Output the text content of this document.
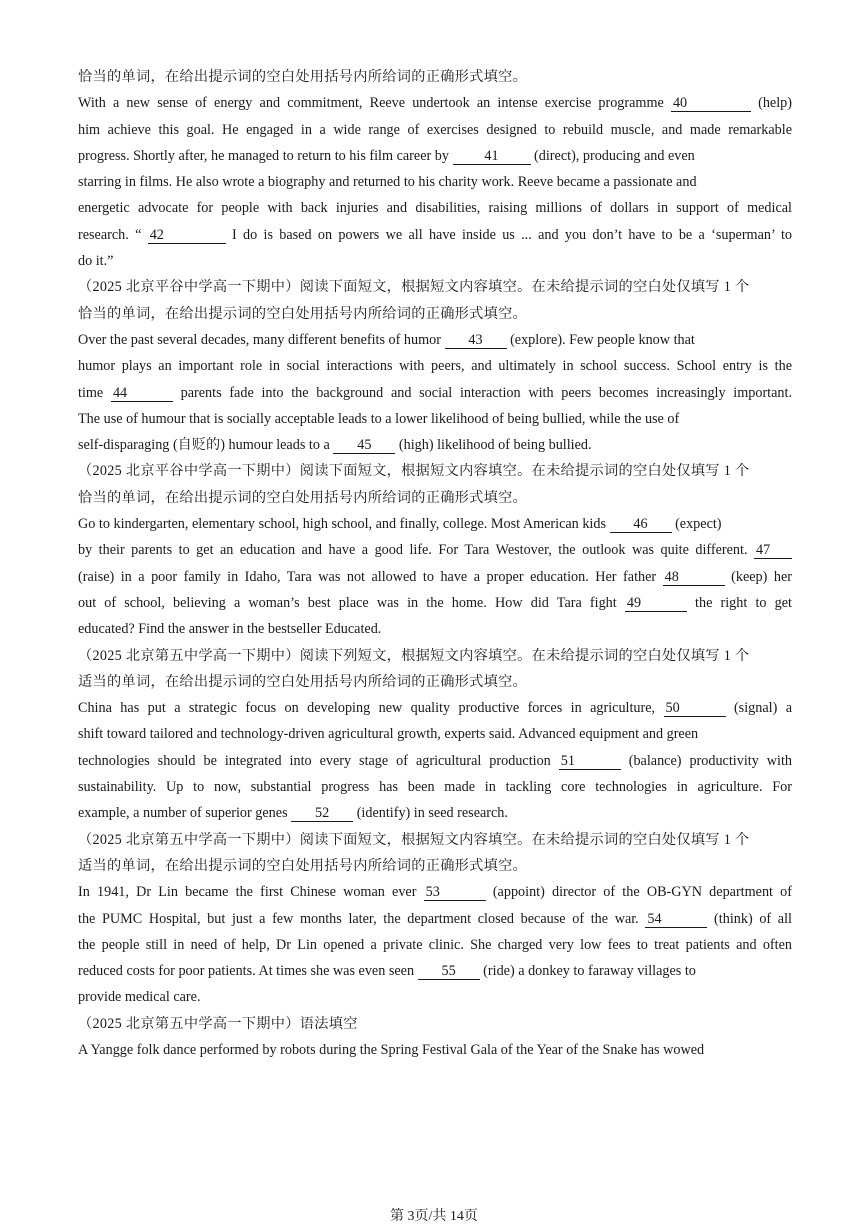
恰当的单词，在给出提示词的空白处用括号内所给词的正确形式填空。
With a new sense of energy and commitment, Reeve undertook an intense exercise programme 40	(help)
him achieve this goal. He engaged in a wide range of exercises designed to rebuild muscle, and made remarkable
progress. Shortly after, he managed to return to his film career by 41 (direct), producing and even
starring in films. He also wrote a biography and returned to his charity work. Reeve became a passionate and
energetic advocate for people with back injuries and disabilities, raising millions of dollars in support of medical
research. “ 42	I do is based on powers we all have inside us ... and you don’t have to be a ‘superman’ to
do it.”
（2025 北京平谷中学高一下期中）阅读下面短文，根据短文内容填空。在未给提示词的空白处仅填写 1 个
恰当的单词，在给出提示词的空白处用括号内所给词的正确形式填空。
Over the past several decades, many different benefits of humor 43 (explore). Few people know that
humor plays an important role in social interactions with peers, and ultimately in school success. School entry is the
time 44	parents fade into the background and social interaction with peers becomes increasingly important.
The use of humour that is socially acceptable leads to a lower likelihood of being bullied, while the use of
self-disparaging (自贬的) humour leads to a 45 (high) likelihood of being bullied.
（2025 北京平谷中学高一下期中）阅读下面短文，根据短文内容填空。在未给提示词的空白处仅填写 1 个
恰当的单词，在给出提示词的空白处用括号内所给词的正确形式填空。
Go to kindergarten, elementary school, high school, and finally, college. Most American kids 46 (expect)
by their parents to get an education and have a good life. For Tara Westover, the outlook was quite different. 47
(raise) in a poor family in Idaho, Tara was not allowed to have a proper education. Her father 48	(keep) her
out of school, believing a woman’s best place was in the home. How did Tara fight 49	the right to get
educated? Find the answer in the bestseller Educated.
（2025 北京第五中学高一下期中）阅读下列短文，根据短文内容填空。在未给提示词的空白处仅填写 1 个
适当的单词，在给出提示词的空白处用括号内所给词的正确形式填空。
China has put a strategic focus on developing new quality productive forces in agriculture, 50	(signal) a
shift toward tailored and technology-driven agricultural growth, experts said. Advanced equipment and green
technologies should be integrated into every stage of agricultural production 51	(balance) productivity with
sustainability. Up to now, substantial progress has been made in tackling core technologies in agriculture. For
example, a number of superior genes 52 (identify) in seed research.
（2025 北京第五中学高一下期中）阅读下面短文，根据短文内容填空。在未给提示词的空白处仅填写 1 个
适当的单词，在给出提示词的空白处用括号内所给词的正确形式填空。
In 1941, Dr Lin became the first Chinese woman ever 53	(appoint) director of the OB-GYN department of
the PUMC Hospital, but just a few months later, the department closed because of the war. 54	(think) of all
the people still in need of help, Dr Lin opened a private clinic. She charged very low fees to treat patients and often
reduced costs for poor patients. At times she was even seen 55 (ride) a donkey to faraway villages to
provide medical care.
（2025 北京第五中学高一下期中）语法填空
A Yangge folk dance performed by robots during the Spring Festival Gala of the Year of the Snake has wowed
第 3页/共 14页
